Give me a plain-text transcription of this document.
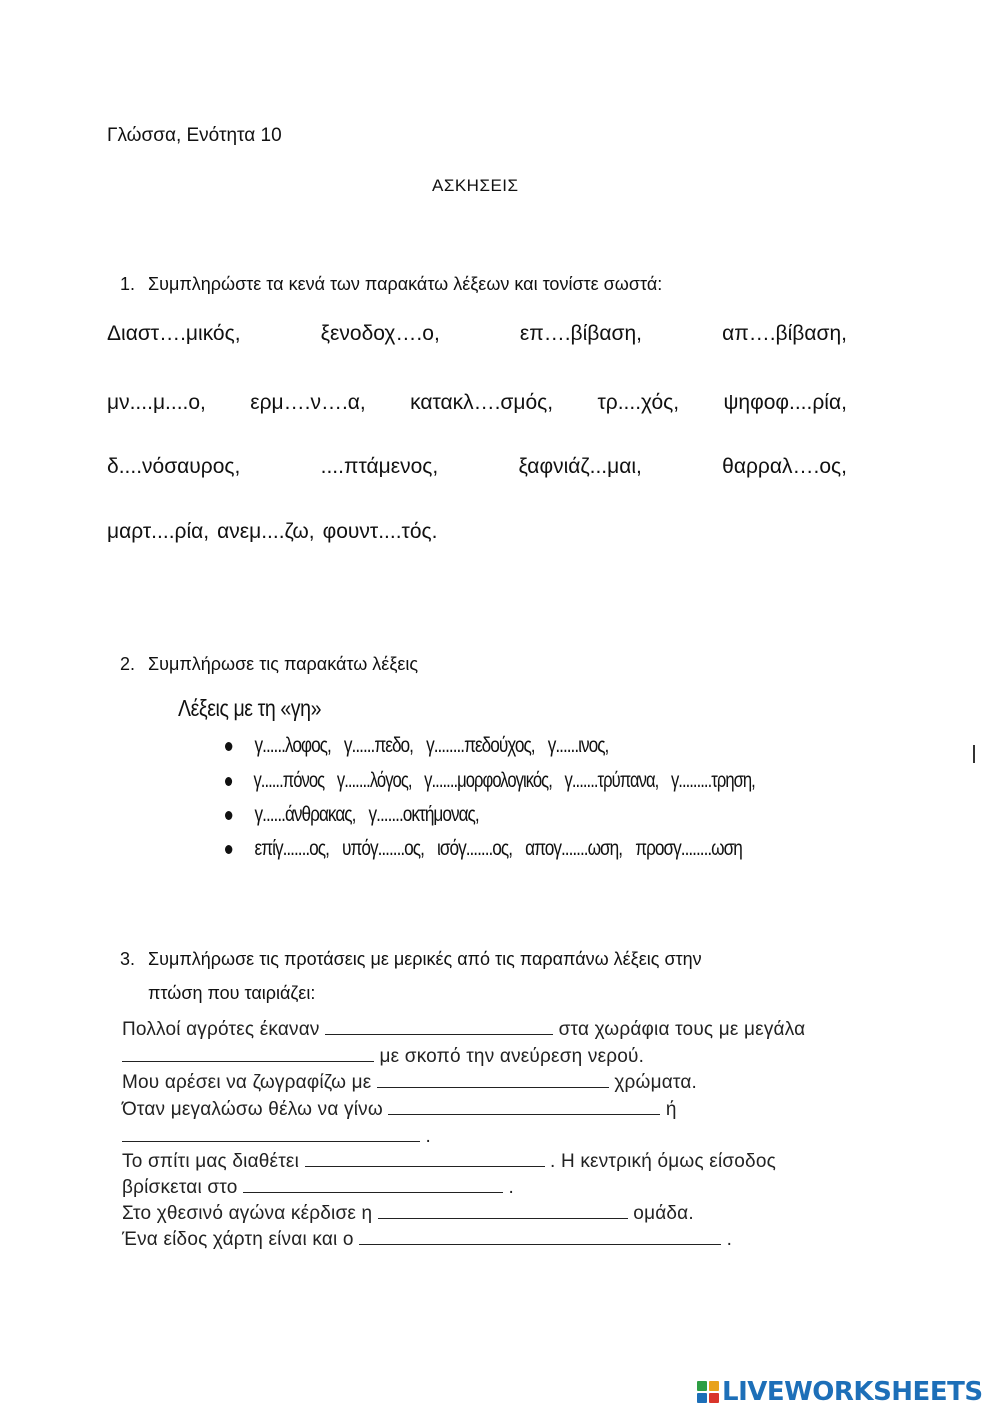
Γλώσσα, Ενότητα 10
ΑΣΚΗΣΕΙΣ
1. Συμπληρώστε τα κενά των παρακάτω λέξεων και τονίστε σωστά:
Διαστ….μικός,	ξενοδοχ….ο,	επ….βίβαση,	απ….βίβαση,
μν....μ....ο, ερμ….ν….α, κατακλ….σμός, τρ....χός, ψηφοφ....ρία,
δ....νόσαυρος,	....πτάμενος,	ξαφνιάζ...μαι,	θαρραλ….ος,
μαρτ....ρία, ανεμ....ζω, φουντ....τός.
2. Συμπλήρωσε τις παρακάτω λέξεις
Λέξεις με τη «γη»
γ......λοφος, γ......πεδο, γ........πεδούχος, γ......ινος,
γ......πόνος γ.......λόγος, γ.......μορφολογικός, γ.......τρύπανα, γ.........τρηση,
γ......άνθρακας, γ.......οκτήμονας,
επίγ.......ος, υπόγ.......ος, ισόγ.......ος, απογ.......ωση, προσγ........ωση
3. Συμπλήρωσε τις προτάσεις με μερικές από τις παραπάνω λέξεις στην
πτώση που ταιριάζει:
Πολλοί αγρότες έκαναν	στα χωράφια τους με μεγάλα
με σκοπό την ανεύρεση νερού.
Μου αρέσει να ζωγραφίζω με	χρώματα.
Όταν μεγαλώσω θέλω να γίνω	ή
.
Το σπίτι μας διαθέτει	. Η κεντρική όμως είσοδος
βρίσκεται στο	.
Στο χθεσινό αγώνα κέρδισε η	ομάδα.
Ένα είδος χάρτη είναι και ο	.
LIVEWORKSHEETS
